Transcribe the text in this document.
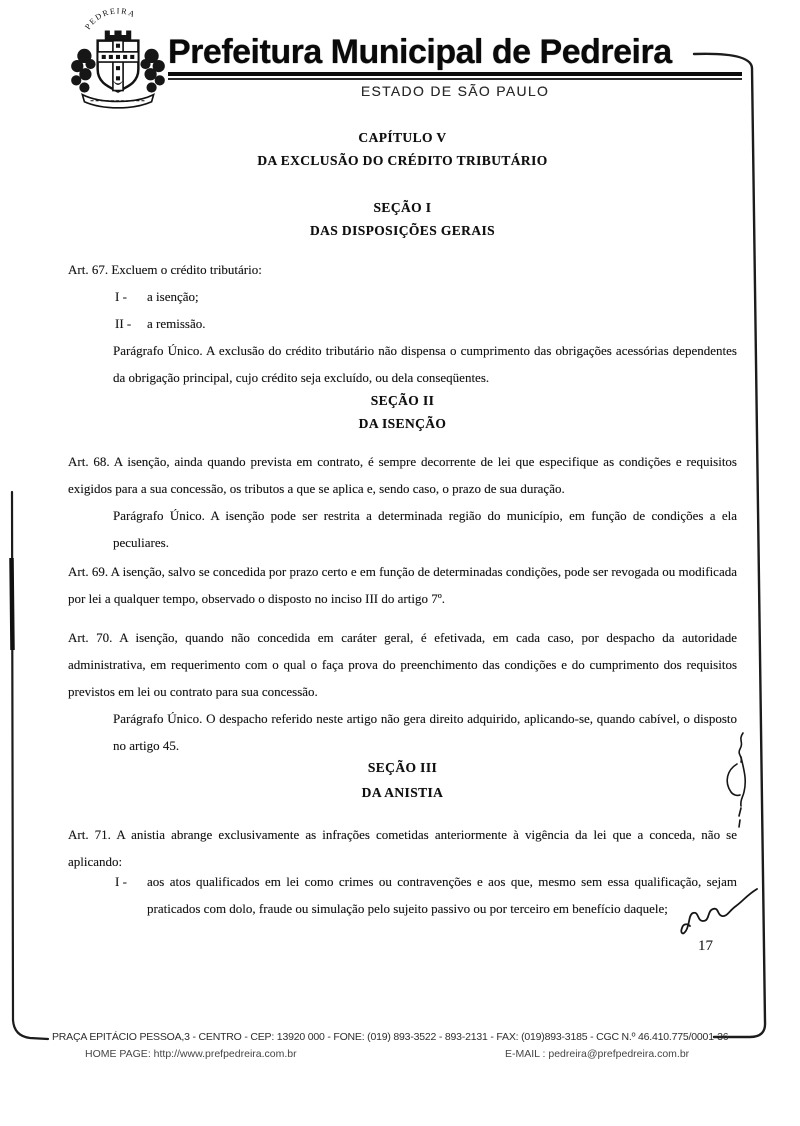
PEDREIRA
Prefeitura Municipal de Pedreira
ESTADO DE SÃO PAULO
CAPÍTULO V
DA EXCLUSÃO DO CRÉDITO TRIBUTÁRIO
SEÇÃO I
DAS DISPOSIÇÕES GERAIS
Art. 67. Excluem o crédito tributário:
I -	a isenção;
II -	a remissão.
Parágrafo Único. A exclusão do crédito tributário não dispensa o cumprimento das obrigações acessórias dependentes da obrigação principal, cujo crédito seja excluído, ou dela conseqüentes.
SEÇÃO II
DA ISENÇÃO
Art. 68. A isenção, ainda quando prevista em contrato, é sempre decorrente de lei que especifique as condições e requisitos exigidos para a sua concessão, os tributos a que se aplica e, sendo caso, o prazo de sua duração.
Parágrafo Único. A isenção pode ser restrita a determinada região do município, em função de condições a ela peculiares.
Art. 69. A isenção, salvo se concedida por prazo certo e em função de determinadas condições, pode ser revogada ou modificada por lei a qualquer tempo, observado o disposto no inciso III do artigo 7º.
Art. 70. A isenção, quando não concedida em caráter geral, é efetivada, em cada caso, por despacho da autoridade administrativa, em requerimento com o qual o faça prova do preenchimento das condições e do cumprimento dos requisitos previstos em lei ou contrato para sua concessão.
Parágrafo Único. O despacho referido neste artigo não gera direito adquirido, aplicando-se, quando cabível, o disposto no artigo 45.
SEÇÃO III
DA ANISTIA
Art. 71. A anistia abrange exclusivamente as infrações cometidas anteriormente à vigência da lei que a conceda, não se aplicando:
I -	aos atos qualificados em lei como crimes ou contravenções e aos que, mesmo sem essa qualificação, sejam praticados com dolo, fraude ou simulação pelo sujeito passivo ou por terceiro em benefício daquele;
17
PRAÇA EPITÁCIO PESSOA,3 - CENTRO - CEP: 13920 000 - FONE: (019) 893-3522 - 893-2131 - FAX: (019)893-3185 - CGC N.º 46.410.775/0001-36
HOME PAGE: http://www.prefpedreira.com.br	E-MAIL : pedreira@prefpedreira.com.br
